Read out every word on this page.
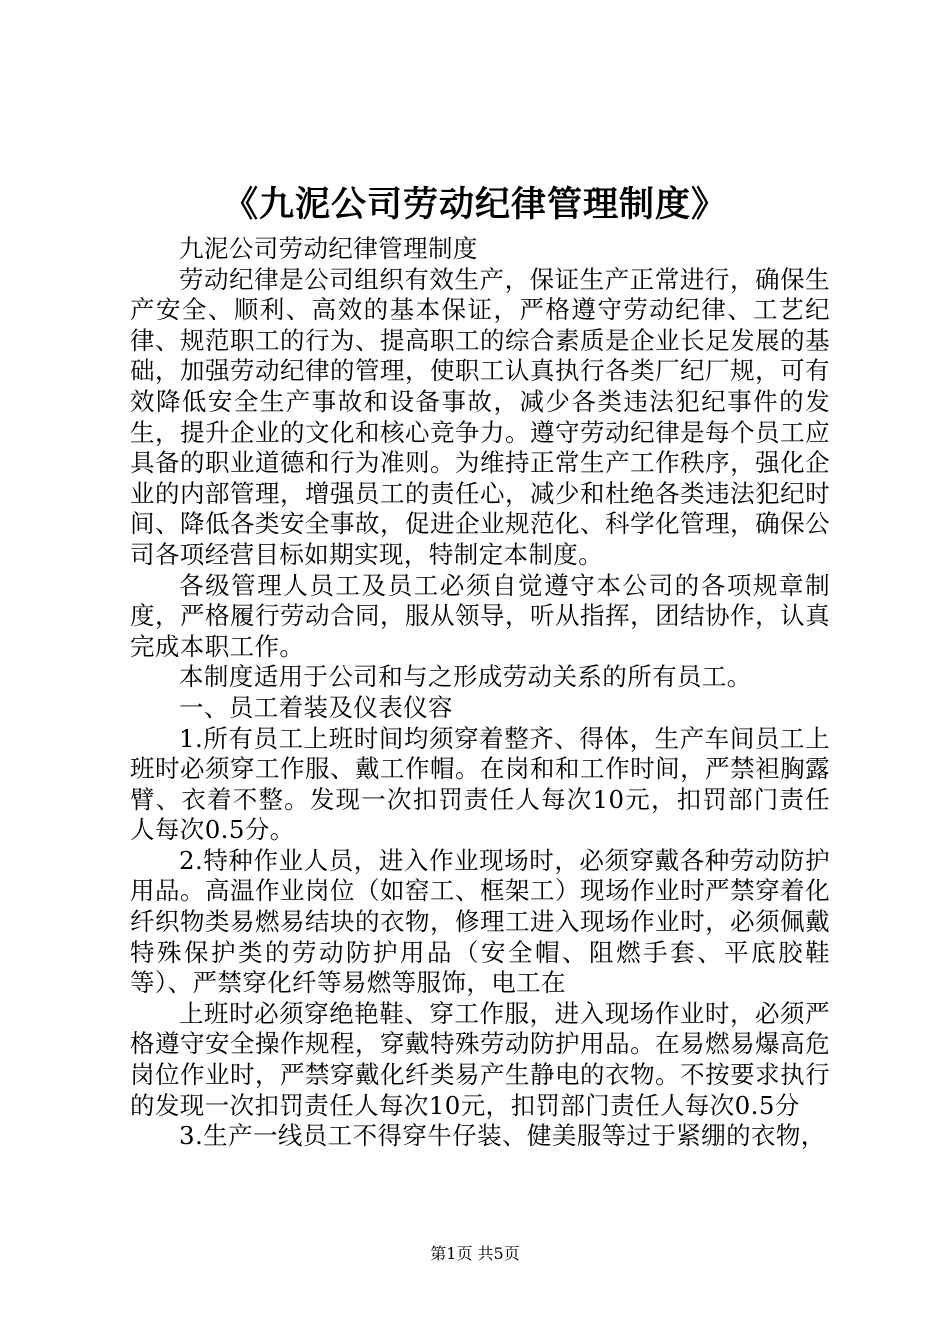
《九泥公司劳动纪律管理制度》

九泥公司劳动纪律管理制度

劳动纪律是公司组织有效生产，保证生产正常进行，确保生产安全、顺利、高效的基本保证，严格遵守劳动纪律、工艺纪律、规范职工的行为、提高职工的综合素质是企业长足发展的基础，加强劳动纪律的管理，使职工认真执行各类厂纪厂规，可有效降低安全生产事故和设备事故，减少各类违法犯纪事件的发生，提升企业的文化和核心竞争力。遵守劳动纪律是每个员工应具备的职业道德和行为准则。为维持正常生产工作秩序，强化企业的内部管理，增强员工的责任心，减少和杜绝各类违法犯纪时间、降低各类安全事故，促进企业规范化、科学化管理，确保公司各项经营目标如期实现，特制定本制度。

各级管理人员工及员工必须自觉遵守本公司的各项规章制度，严格履行劳动合同，服从领导，听从指挥，团结协作，认真完成本职工作。

本制度适用于公司和与之形成劳动关系的所有员工。

一、员工着装及仪表仪容

1.所有员工上班时间均须穿着整齐、得体，生产车间员工上班时必须穿工作服、戴工作帽。在岗和和工作时间，严禁袒胸露臂、衣着不整。发现一次扣罚责任人每次10元，扣罚部门责任人每次0.5分。

2.特种作业人员，进入作业现场时，必须穿戴各种劳动防护用品。高温作业岗位（如窑工、框架工）现场作业时严禁穿着化纤织物类易燃易结块的衣物，修理工进入现场作业时，必须佩戴特殊保护类的劳动防护用品（安全帽、阻燃手套、平底胶鞋等）、严禁穿化纤等易燃等服饰，电工在

上班时必须穿绝艳鞋、穿工作服，进入现场作业时，必须严格遵守安全操作规程，穿戴特殊劳动防护用品。在易燃易爆高危岗位作业时，严禁穿戴化纤类易产生静电的衣物。不按要求执行的发现一次扣罚责任人每次10元，扣罚部门责任人每次0.5分

3.生产一线员工不得穿牛仔装、健美服等过于紧绷的衣物，

第1页 共5页
